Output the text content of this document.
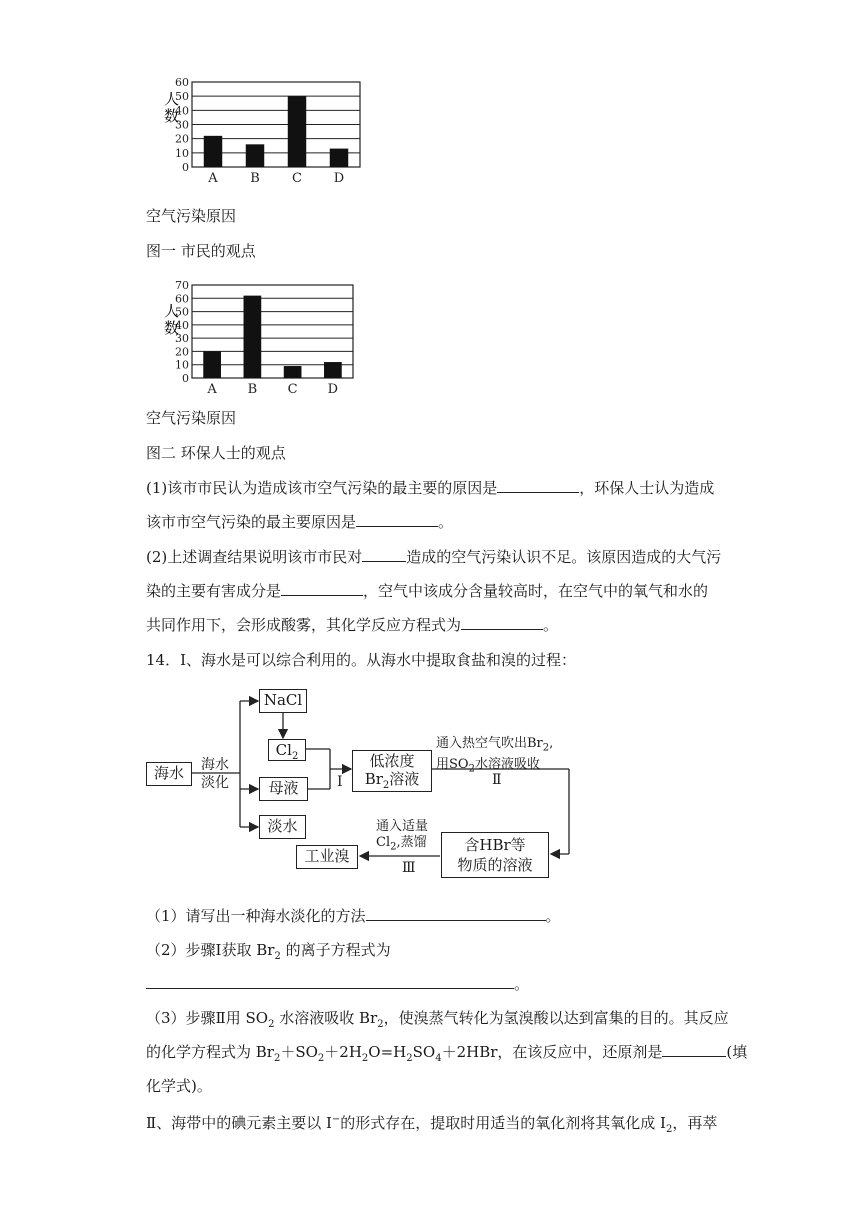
0
10
20
30
40
50
60
A	B C D
人数
空气污染原因
图一 市民的观点
0
10
20
30
40
50
60
70
A B C D
人数
空气污染原因
图二 环保人士的观点
(1)该市市民认为造成该市空气污染的最主要的原因是	，环保人士认为造成
该市市空气污染的最主要原因是	。
(2)上述调查结果说明该市市民对	造成的空气污染认识不足。该原因造成的大气污
染的主要有害成分是	，空气中该成分含量较高时，在空气中的氧气和水的
共同作用下，会形成酸雾，其化学反应方程式为	。
14．I、海水是可以综合利用的。从海水中提取食盐和溴的过程：
海水	海水
淡化
NaCl
$Cl_2$
母液
淡水
Ⅰ
低浓度
$Br_2$溶液
通入热空气吹出$Br_2$,
用$SO_2$水溶液吸收
Ⅱ
含HBr等
物质的溶液
通入适量
$Cl_2$,蒸馏
Ⅲ
工业溴
（1）请写出一种海水淡化的方法	。
（2）步骤Ⅰ获取 $Br_2$ 的离子方程式为
。
（3）步骤Ⅱ用 $SO_2$ 水溶液吸收 $Br_2$，使溴蒸气转化为氢溴酸以达到富集的目的。其反应
的化学方程式为 $Br_2+SO_2+2H_2O=H_2SO_4+2HBr$，在该反应中，还原剂是	(填
化学式)。
Ⅱ、海带中的碘元素主要以 I−的形式存在，提取时用适当的氧化剂将其氧化成 $I_2$，再萃
